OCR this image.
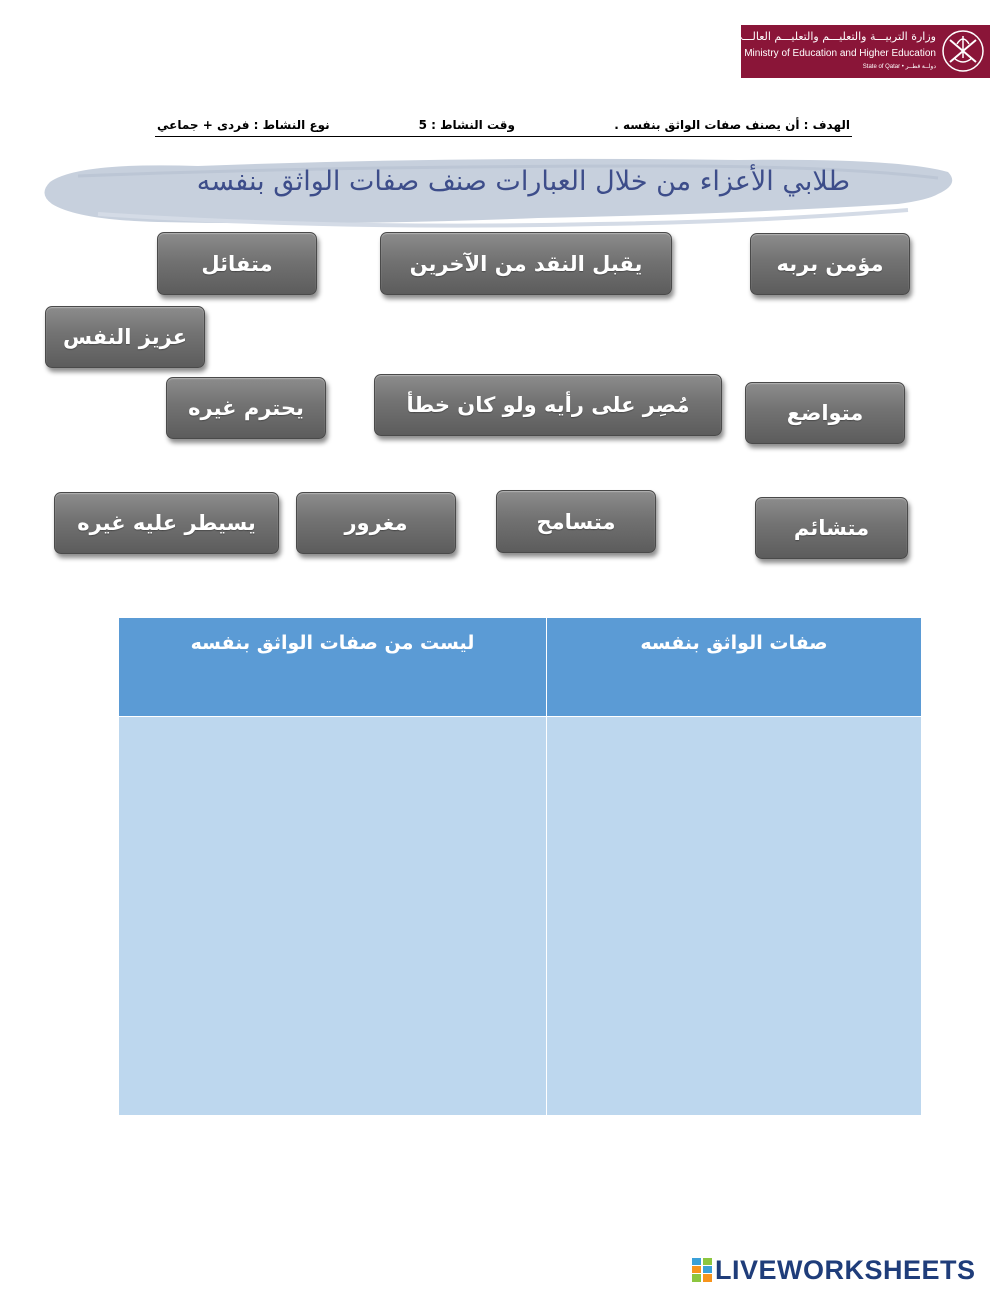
وزارة التربيـــة والتعليـــم والتعليـــم العالـــي
Ministry of Education and Higher Education
State of Qatar • دولــة قطــر
الهدف : أن يصنف صفات الواثق بنفسه .
وقت النشاط : 5
نوع النشاط : فردى + جماعي
طلابي الأعزاء من خلال العبارات صنف صفات الواثق بنفسه
مؤمن بربه
يقبل النقد من الآخرين
متفائل
عزيز النفس
يحترم غيره	مُصِر على رأيه ولو كان خطأ	متواضع
يسيطر عليه غيره	مغرور	متسامح	متشائم
ليست من صفات الواثق بنفسه	صفات الواثق بنفسه
LIVEWORKSHEETS
